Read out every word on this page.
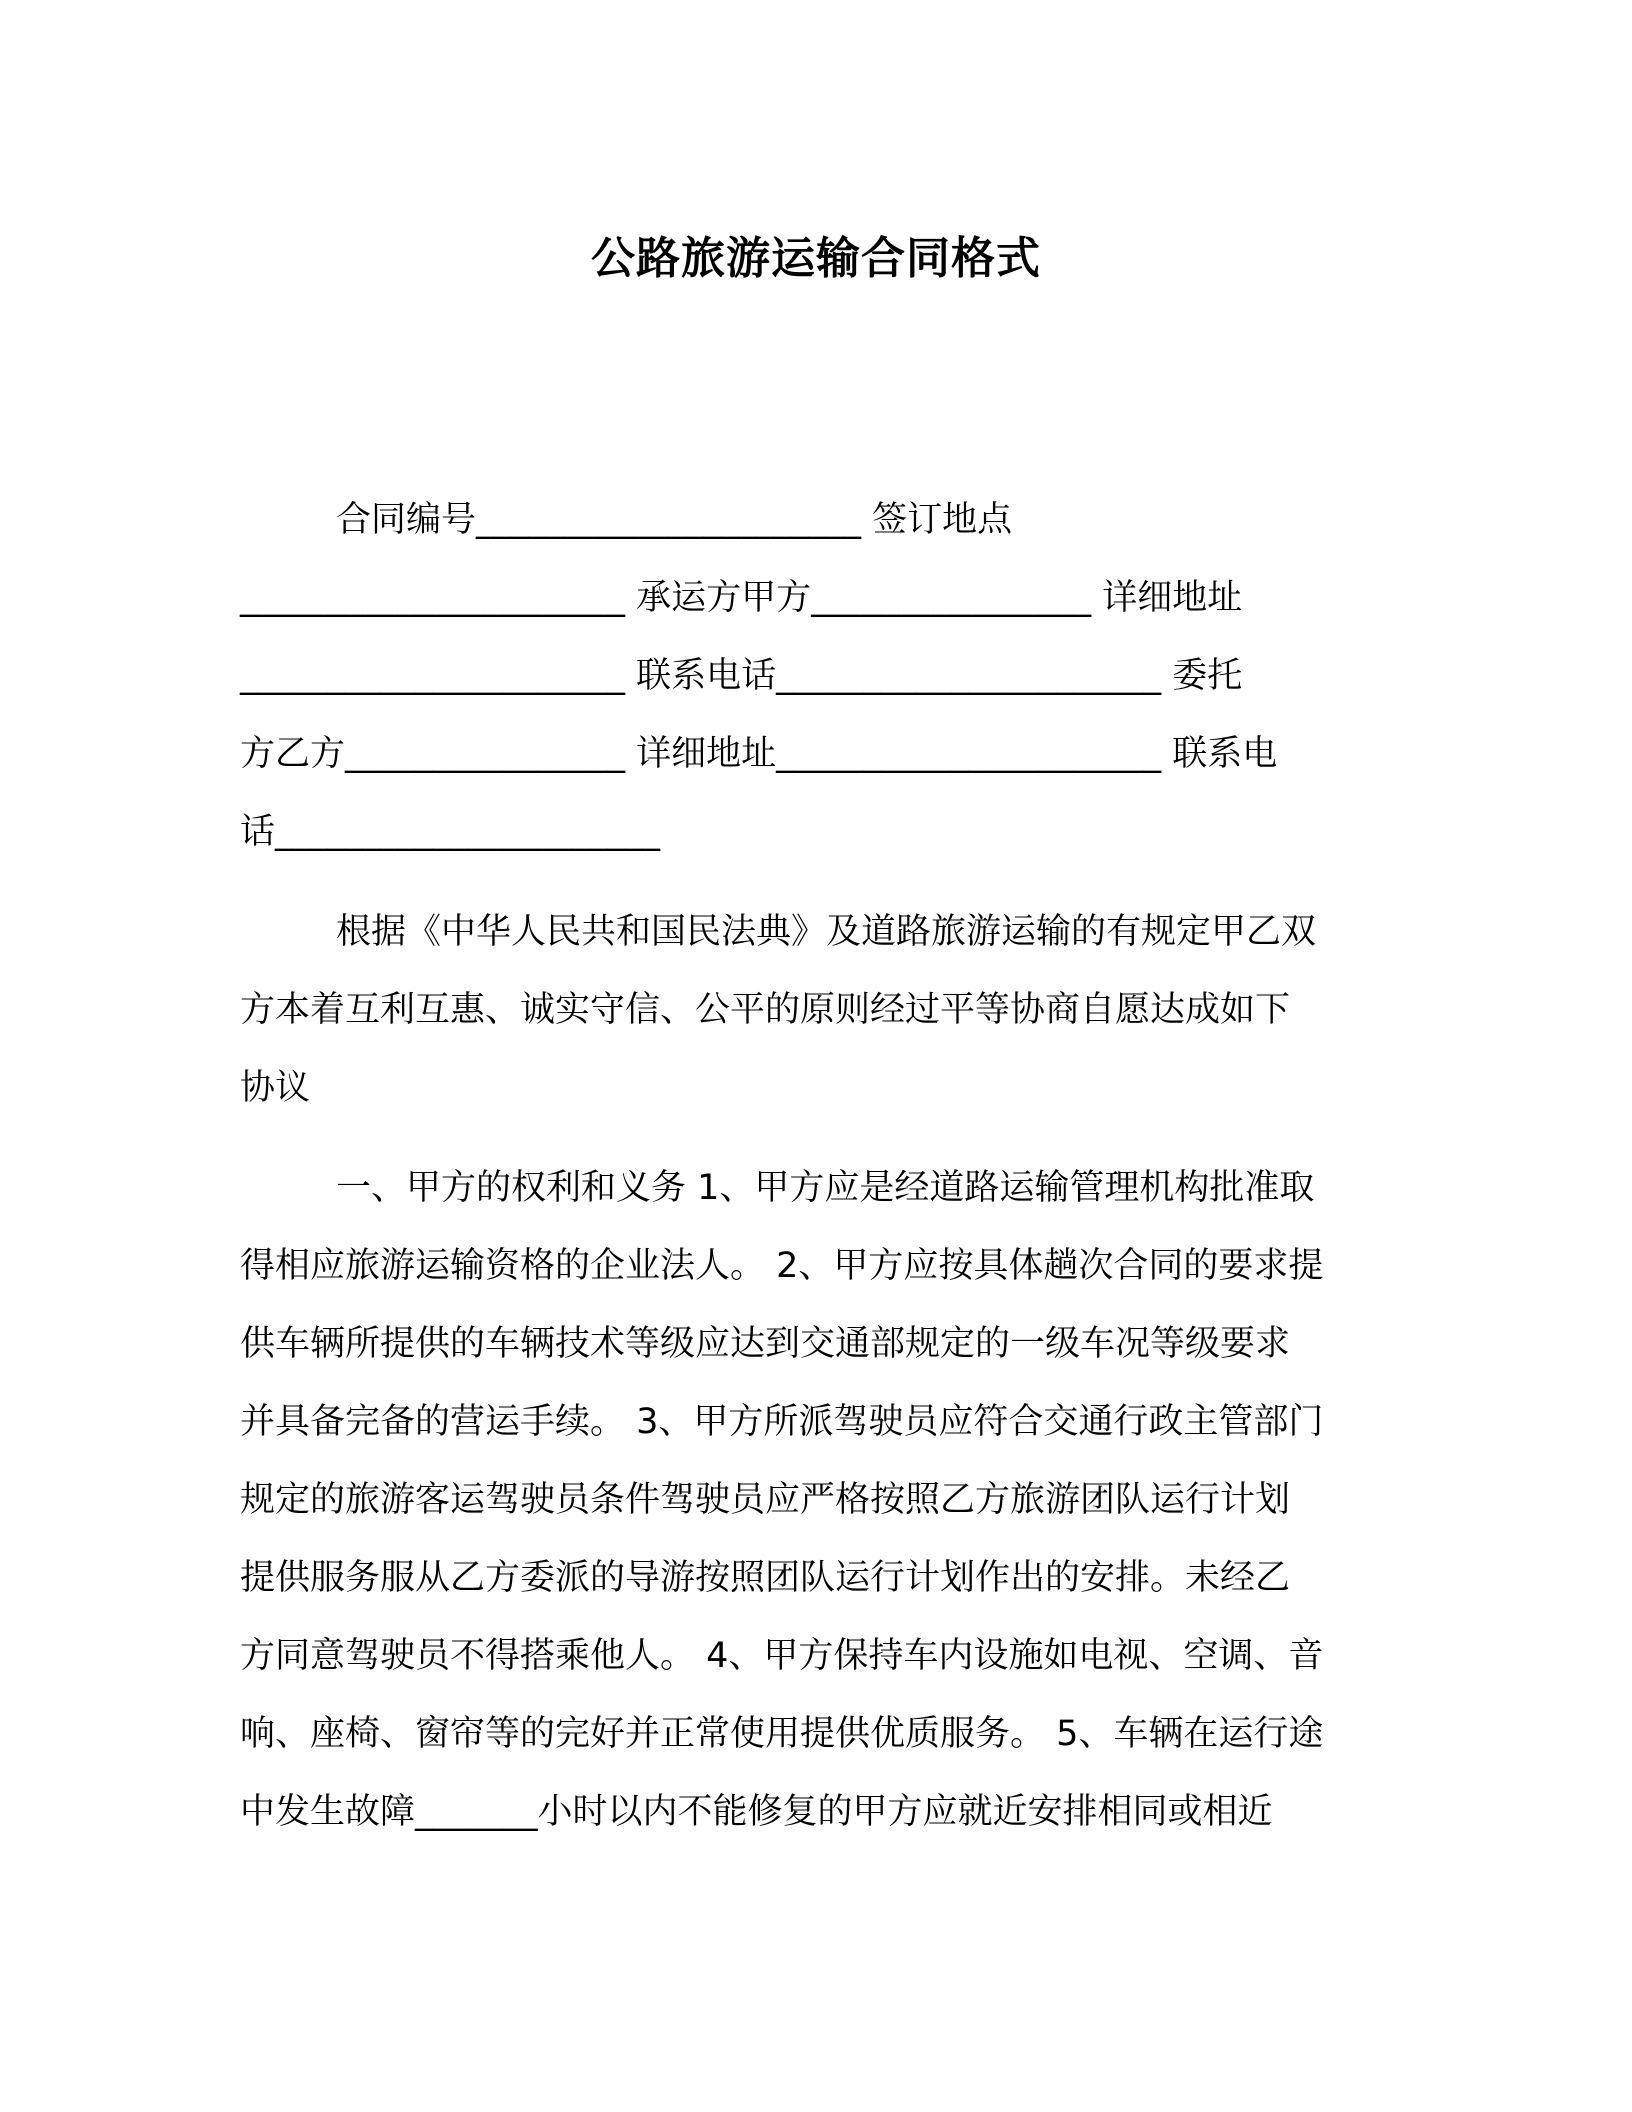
公路旅游运输合同格式
合同编号______________________ 签订地点
______________________ 承运方甲方________________ 详细地址
______________________ 联系电话______________________ 委托
方乙方________________ 详细地址______________________ 联系电
话______________________
根据《中华人民共和国民法典》及道路旅游运输的有规定甲乙双
方本着互利互惠、诚实守信、公平的原则经过平等协商自愿达成如下
协议
一、甲方的权利和义务 1、甲方应是经道路运输管理机构批准取
得相应旅游运输资格的企业法人。 2、甲方应按具体趟次合同的要求提
供车辆所提供的车辆技术等级应达到交通部规定的一级车况等级要求
并具备完备的营运手续。 3、甲方所派驾驶员应符合交通行政主管部门
规定的旅游客运驾驶员条件驾驶员应严格按照乙方旅游团队运行计划
提供服务服从乙方委派的导游按照团队运行计划作出的安排。未经乙
方同意驾驶员不得搭乘他人。 4、甲方保持车内设施如电视、空调、音
响、座椅、窗帘等的完好并正常使用提供优质服务。 5、车辆在运行途
中发生故障_______小时以内不能修复的甲方应就近安排相同或相近
